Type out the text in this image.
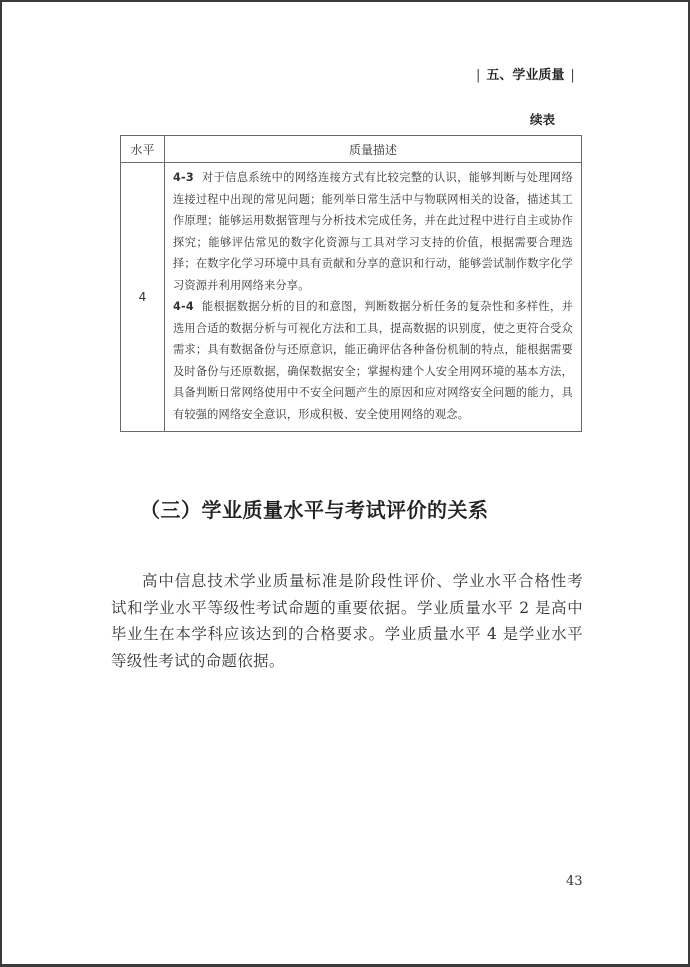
| 五、学业质量 |
续表
水平	质量描述
4	4-3 对于信息系统中的网络连接方式有比较完整的认识，能够判断与处理网络连接过程中出现的常见问题；能列举日常生活中与物联网相关的设备，描述其工作原理；能够运用数据管理与分析技术完成任务，并在此过程中进行自主或协作探究；能够评估常见的数字化资源与工具对学习支持的价值，根据需要合理选择；在数字化学习环境中具有贡献和分享的意识和行动，能够尝试制作数字化学习资源并利用网络来分享。
4-4 能根据数据分析的目的和意图，判断数据分析任务的复杂性和多样性，并选用合适的数据分析与可视化方法和工具，提高数据的识别度，使之更符合受众需求；具有数据备份与还原意识，能正确评估各种备份机制的特点，能根据需要及时备份与还原数据，确保数据安全；掌握构建个人安全用网环境的基本方法，具备判断日常网络使用中不安全问题产生的原因和应对网络安全问题的能力，具有较强的网络安全意识，形成积极、安全使用网络的观念。
（三）学业质量水平与考试评价的关系

高中信息技术学业质量标准是阶段性评价、学业水平合格性考试和学业水平等级性考试命题的重要依据。学业质量水平 2 是高中毕业生在本学科应该达到的合格要求。学业质量水平 4 是学业水平等级性考试的命题依据。

43
